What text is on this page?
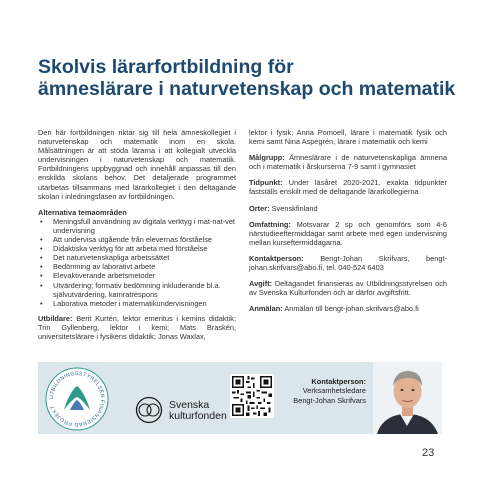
Skolvis lärarfortbildning för
ämneslärare i naturvetenskap och matematik

Den här fortbildningen riktar sig till hela ämneskollegiet i naturvetenskap och matematik inom en skola. Målsättningen är att stöda lärarna i att kollegialt utveckla undervisningen i naturvetenskap och matematik. Fortbildningens uppbyggnad och innehåll anpassas till den enskilda skolans behov. Det detaljerade programmet utarbetas tillsammans med lärarkollegiet i den deltagande skolan i inledningsfasen av fortbildningen.

Alternativa temaområden
• Meningsfull användning av digitala verktyg i mat-nat-vet undervisning
• Att undervisa utgående från elevernas förståelse
• Didaktiska verktyg för att arbeta med förståelse
• Det naturvetenskapliga arbetssättet
• Bedömning av laborativt arbete
• Elevaktiverande arbetsmetoder
• Utvärdering; formativ bedömning inkluderande bl.a. självutvärdering, kamratrespons
• Laborativa metoder i matematikundervisningen

Utbildare: Berit Kurtén, lektor emeritus i kemins didaktik; Trin Gyllenberg, lektor i kemi; Mats Braskén, universitetslärare i fysikens didaktik; Jonas Waxlax,

lektor i fysik; Anna Pomoell, lärare i matematik fysik och kemi samt Nina Aspegrén, lärare i matematik och kemi

Målgrupp: Ämneslärare i de naturvetenskapliga ämnena och i matematik i årskurserna 7-9 samt i gymnasiet

Tidpunkt: Under läsåret 2020-2021, exakta tidpunkter fastställs enskilt med de deltagande lärarkollegierna

Orter: Svenskfinland

Omfattning: Motsvarar 2 sp och genomförs som 4-6 närstudieeftermiddagar samt arbete med egen undervisning mellan kurseftermiddagarna.

Kontaktperson: Bengt-Johan Skrifvars, bengt-johan.skrifvars@abo.fi, tel. 040-524 6403

Avgift: Deltagandet finansieras av Utbildningsstyrelsen och av Svenska Kulturfonden och är därför avgiftsfritt.

Anmälan: Anmälan till bengt-johan.skrifvars@abo.fi

UTBILDNINGSSTYRELSEN FINANSIERAD PROJEKT	Svenska
kulturfonden
Kontaktperson:
Verksamhetsledare
Bengt-Johan Skrifvars
23
